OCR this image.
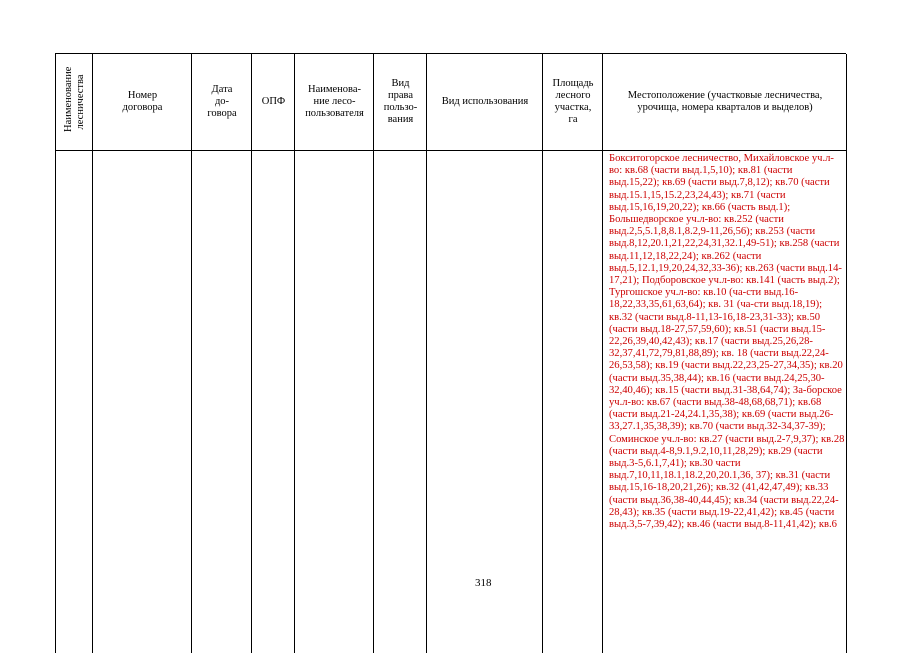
Наименование лесничества	Номер договора
Дата до-говора
ОПФ
Наименова-ние лесо-пользователя
Вид права пользо-вания
Вид использования
Площадь лесного участка, га
Местоположение (участковые лесничества, урочища, номера кварталов и выделов)
Бокситогорское лесничество, Михайловское уч.л-во: кв.68 (части выд.1,5,10); кв.81 (части выд.15,22); кв.69 (части выд.7,8,12); кв.70 (части выд.15.1,15,15.2,23,24,43); кв.71 (части выд.15,16,19,20,22); кв.66 (часть выд.1); Большедворское уч.л-во: кв.252 (части выд.2,5,5.1,8,8.1,8.2,9-11,26,56); кв.253 (части выд.8,12,20.1,21,22,24,31,32.1,49-51); кв.258 (части выд.11,12,18,22,24); кв.262 (части выд.5,12.1,19,20,24,32,33-36); кв.263 (части выд.14-17,21); Подборовское уч.л-во: кв.141 (часть выд.2); Тургошское уч.л-во: кв.10 (ча-сти выд.16-18,22,33,35,61,63,64); кв. 31 (ча-сти выд.18,19); кв.32 (части выд.8-11,13-16,18-23,31-33); кв.50 (части выд.18-27,57,59,60); кв.51 (части выд.15-22,26,39,40,42,43); кв.17 (части выд.25,26,28-32,37,41,72,79,81,88,89); кв. 18 (части выд.22,24-26,53,58); кв.19 (части выд.22,23,25-27,34,35); кв.20 (части выд.35,38,44); кв.16 (части выд.24,25,30-32,40,46); кв.15 (части выд.31-38,64,74); За-борское уч.л-во: кв.67 (части выд.38-48,68,68,71); кв.68 (части выд.21-24,24.1,35,38); кв.69 (части выд.26-33,27.1,35,38,39); кв.70 (части выд.32-34,37-39); Соминское уч.л-во: кв.27 (части выд.2-7,9,37); кв.28 (части выд.4-8,9.1,9.2,10,11,28,29); кв.29 (части выд.3-5,6.1,7,41); кв.30 части выд.7,10,11,18.1,18.2,20,20.1,36, 37); кв.31 (части выд.15,16-18,20,21,26); кв.32 (41,42,47,49); кв.33 (части выд.36,38-40,44,45); кв.34 (части выд.22,24-28,43); кв.35 (части выд.19-22,41,42); кв.45 (части выд.3,5-7,39,42); кв.46 (части выд.8-11,41,42); кв.6
318
